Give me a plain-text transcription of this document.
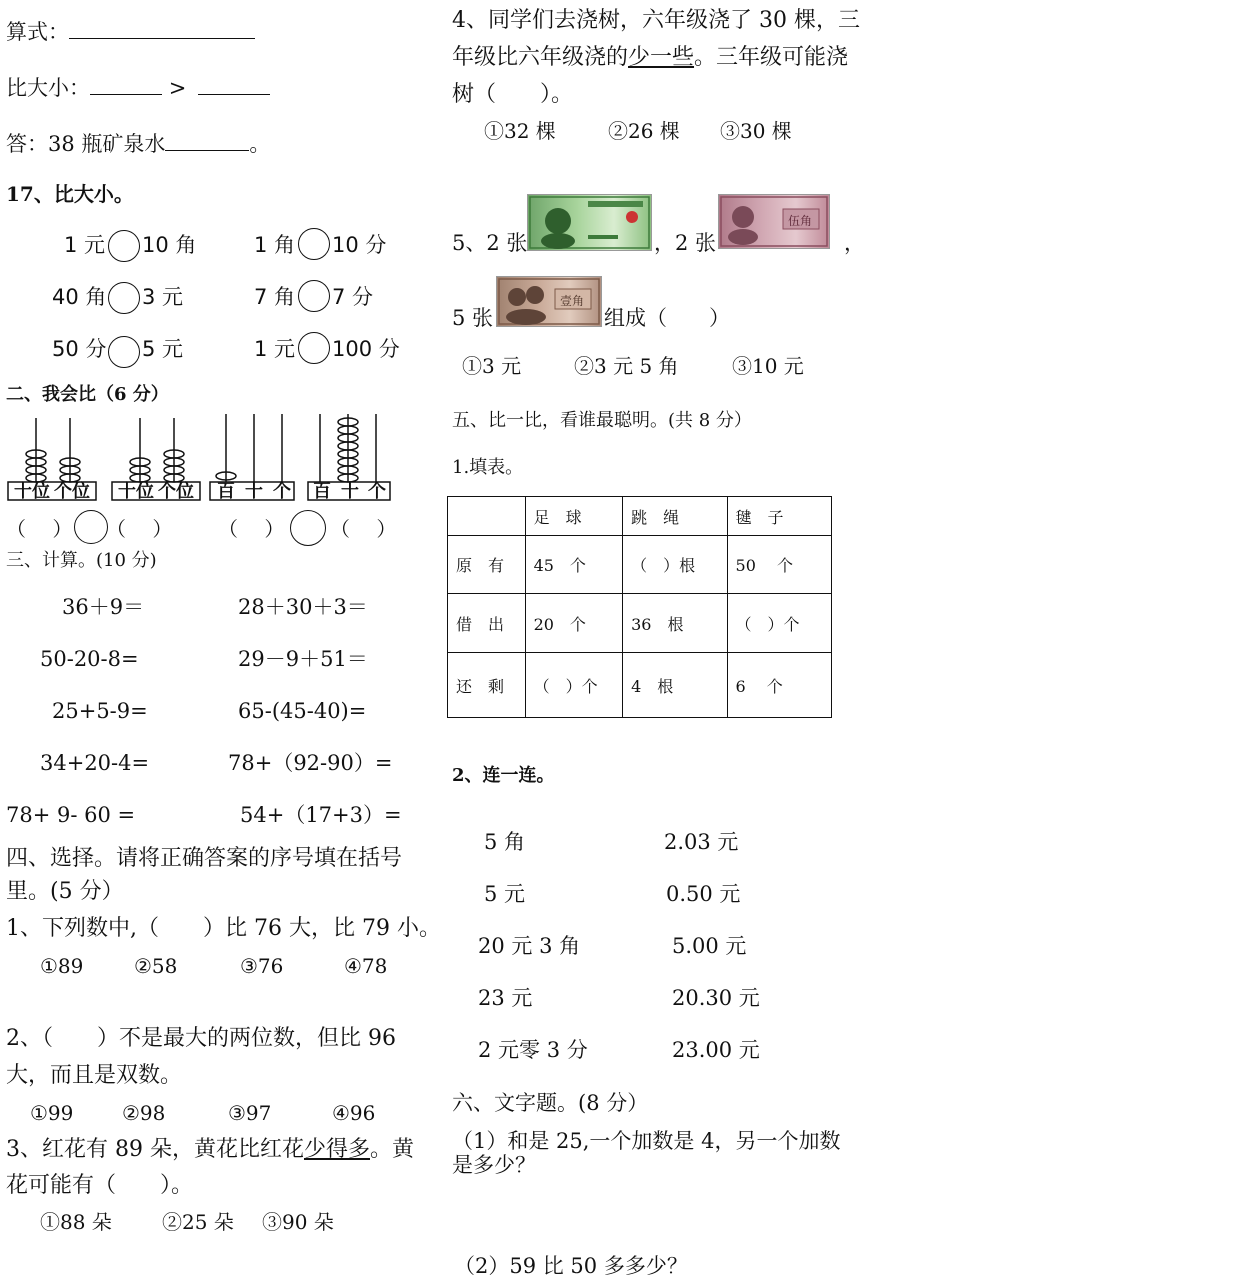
算式：
比大小：	>
答：38 瓶矿泉水	。
17、比大小。
1 元 10 角	1 角 10 分
40 角 3 元	7 角 7 分
50 分 5 元	1 元 100 分
二、我会比（6 分）
十位 个位 十位 个位 百 十 个 百 十 个
（　 ） （　 ） （　 ） （　 ）
三、计算。(10 分)
36＋9＝	28＋30＋3＝
50-20-8=	29－9＋51＝
25+5-9=	65-(45-40)=
34+20-4=	78+（92-90）=
78+ 9- 60 =	54+（17+3）=
四、选择。请将正确答案的序号填在括号
里。(5 分）
1、下列数中,（　　）比 76 大，比 79 小。
①89	②58	③76	④78
2、（　　）不是最大的两位数，但比 96
大，而且是双数。
①99 ②98	③97	④96
3、红花有 89 朵，黄花比红花少得多。黄
花可能有（　　）。
①88 朵	②25 朵 ③90 朵
4、同学们去浇树，六年级浇了 30 棵，三
年级比六年级浇的少一些。三年级可能浇
树（　　）。
①32 棵	②26 棵 ③30 棵
5、2 张	，2 张
伍角
，
5 张
壹角
组成（　　）
①3 元	②3 元 5 角	③10 元
五、比一比，看谁最聪明。(共 8 分）
1.填表。
	足　球	跳　绳	毽　子
原　有	45　个	（　）根	50　 个
借　出	20　个	36　根	（　）个
还　剩	（　）个	4　根	6　 个
2、连一连。
5 角	2.03 元
5 元	0.50 元
20 元 3 角	5.00 元
23 元	20.30 元
2 元零 3 分	23.00 元
六、文字题。(8 分）
（1）和是 25,一个加数是 4，另一个加数
是多少？
（2）59 比 50 多多少？
